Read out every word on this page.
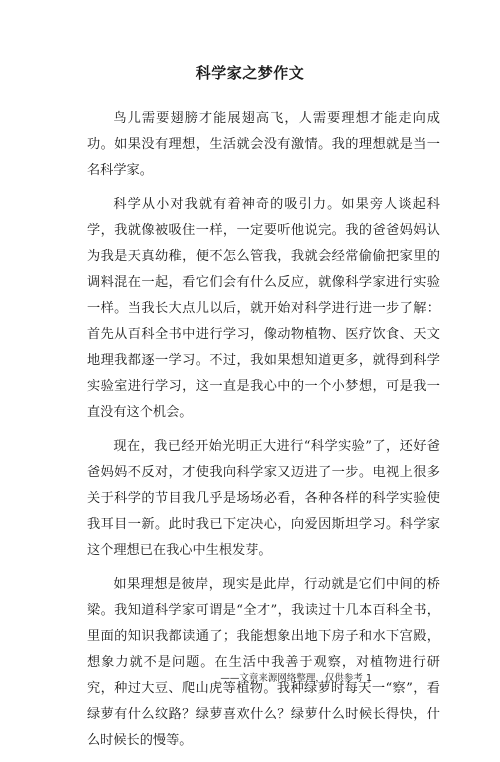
科学家之梦作文

鸟儿需要翅膀才能展翅高飞，人需要理想才能走向成功。如果没有理想，生活就会没有激情。我的理想就是当一名科学家。

科学从小对我就有着神奇的吸引力。如果旁人谈起科学，我就像被吸住一样，一定要听他说完。我的爸爸妈妈认为我是天真幼稚，便不怎么管我，我就会经常偷偷把家里的调料混在一起，看它们会有什么反应，就像科学家进行实验一样。当我长大点儿以后，就开始对科学进行进一步了解：首先从百科全书中进行学习，像动物植物、医疗饮食、天文地理我都逐一学习。不过，我如果想知道更多，就得到科学实验室进行学习，这一直是我心中的一个小梦想，可是我一直没有这个机会。

现在，我已经开始光明正大进行“科学实验”了，还好爸爸妈妈不反对，才使我向科学家又迈进了一步。电视上很多关于科学的节目我几乎是场场必看，各种各样的科学实验使我耳目一新。此时我已下定决心，向爱因斯坦学习。科学家这个理想已在我心中生根发芽。

如果理想是彼岸，现实是此岸，行动就是它们中间的桥梁。我知道科学家可谓是“全才”，我读过十几本百科全书，里面的知识我都读通了；我能想象出地下房子和水下宫殿，想象力就不是问题。在生活中我善于观察，对植物进行研究，种过大豆、爬山虎等植物。我种绿萝时每天一“察”，看绿萝有什么纹路？绿萝喜欢什么？绿萝什么时候长得快，什么时候长的慢等。

——文章来源网络整理，仅供参考 1
